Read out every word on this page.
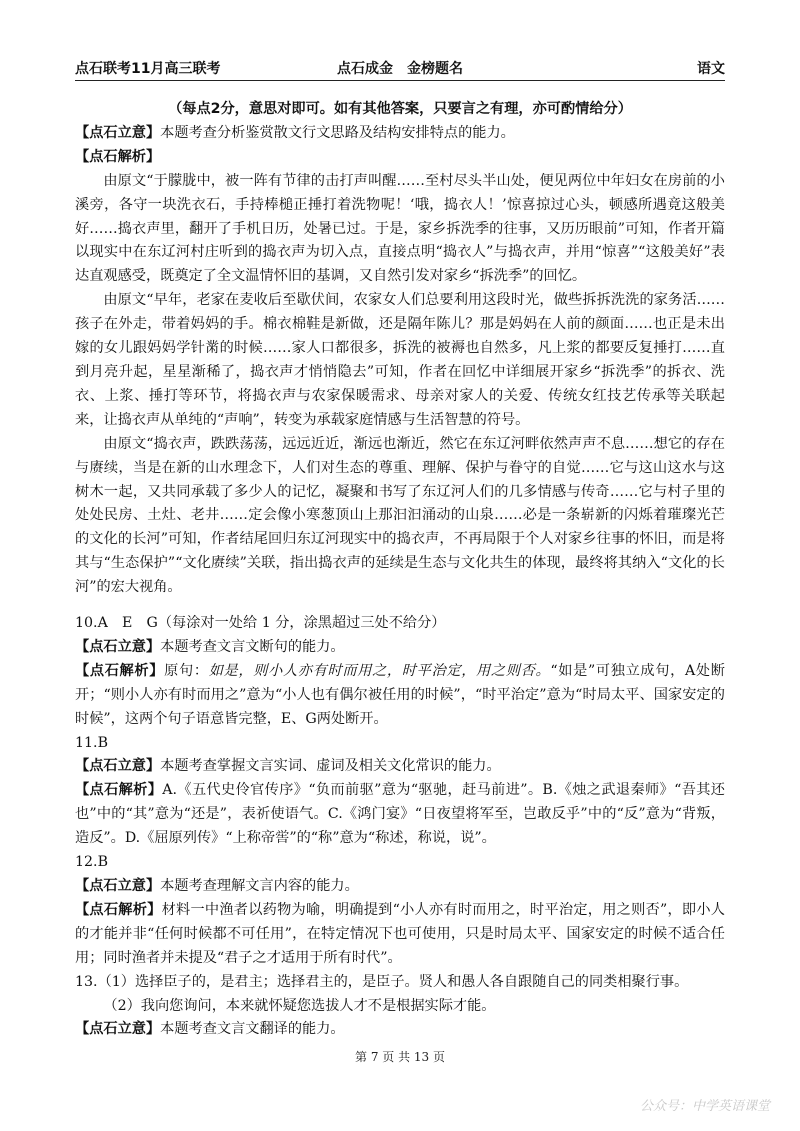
点石联考11月高三联考	点石成金　金榜题名	语文

（每点2分，意思对即可。如有其他答案，只要言之有理，亦可酌情给分）

【点石立意】本题考查分析鉴赏散文行文思路及结构安排特点的能力。

【点石解析】

由原文“于朦胧中，被一阵有节律的击打声叫醒……至村尽头半山处，便见两位中年妇女在房前的小溪旁，各守一块洗衣石，手持棒槌正捶打着洗物呢！‘哦，捣衣人！’惊喜掠过心头，顿感所遇竟这般美好……捣衣声里，翻开了手机日历，处暑已过。于是，家乡拆洗季的往事，又历历眼前”可知，作者开篇以现实中在东辽河村庄听到的捣衣声为切入点，直接点明“捣衣人”与捣衣声，并用“惊喜”“这般美好”表达直观感受，既奠定了全文温情怀旧的基调，又自然引发对家乡“拆洗季”的回忆。

由原文“早年，老家在麦收后至歇伏间，农家女人们总要利用这段时光，做些拆拆洗洗的家务活……孩子在外走，带着妈妈的手。棉衣棉鞋是新做，还是隔年陈儿？那是妈妈在人前的颜面……也正是未出嫁的女儿跟妈妈学针黹的时候……家人口都很多，拆洗的被褥也自然多，凡上浆的都要反复捶打……直到月亮升起，星星渐稀了，捣衣声才悄悄隐去”可知，作者在回忆中详细展开家乡“拆洗季”的拆衣、洗衣、上浆、捶打等环节，将捣衣声与农家保暖需求、母亲对家人的关爱、传统女红技艺传承等关联起来，让捣衣声从单纯的“声响”，转变为承载家庭情感与生活智慧的符号。

由原文“捣衣声，跌跌荡荡，远远近近，渐远也渐近，然它在东辽河畔依然声声不息……想它的存在与赓续，当是在新的山水理念下，人们对生态的尊重、理解、保护与眷守的自觉……它与这山这水与这树木一起，又共同承载了多少人的记忆，凝聚和书写了东辽河人们的几多情感与传奇……它与村子里的处处民房、土灶、老井……定会像小寒葱顶山上那汩汩涌动的山泉……必是一条崭新的闪烁着璀璨光芒的文化的长河”可知，作者结尾回归东辽河现实中的捣衣声，不再局限于个人对家乡往事的怀旧，而是将其与“生态保护”“文化赓续”关联，指出捣衣声的延续是生态与文化共生的体现，最终将其纳入“文化的长河”的宏大视角。

10.A　E　G（每涂对一处给 1 分，涂黑超过三处不给分）

【点石立意】本题考查文言文断句的能力。

【点石解析】原句：如是，则小人亦有时而用之，时平治定，用之则否。“如是”可独立成句，A处断开；“则小人亦有时而用之”意为“小人也有偶尔被任用的时候”，“时平治定”意为“时局太平、国家安定的时候”，这两个句子语意皆完整，E、G两处断开。

11.B

【点石立意】本题考查掌握文言实词、虚词及相关文化常识的能力。

【点石解析】A.《五代史伶官传序》“负而前驱”意为“驱驰，赶马前进”。B.《烛之武退秦师》“吾其还也”中的“其”意为“还是”，表祈使语气。C.《鸿门宴》“日夜望将军至，岂敢反乎”中的“反”意为“背叛，造反”。D.《屈原列传》“上称帝喾”的“称”意为“称述，称说，说”。

12.B

【点石立意】本题考查理解文言内容的能力。

【点石解析】材料一中渔者以药物为喻，明确提到“小人亦有时而用之，时平治定，用之则否”，即小人的才能并非“任何时候都不可任用”，在特定情况下也可使用，只是时局太平、国家安定的时候不适合任用；同时渔者并未提及“君子之才适用于所有时代”。

13.（1）选择臣子的，是君主；选择君主的，是臣子。贤人和愚人各自跟随自己的同类相聚行事。

（2）我向您询问，本来就怀疑您选拔人才不是根据实际才能。

【点石立意】本题考查文言文翻译的能力。

第 7 页 共 13 页
公众号：中学英语课堂
